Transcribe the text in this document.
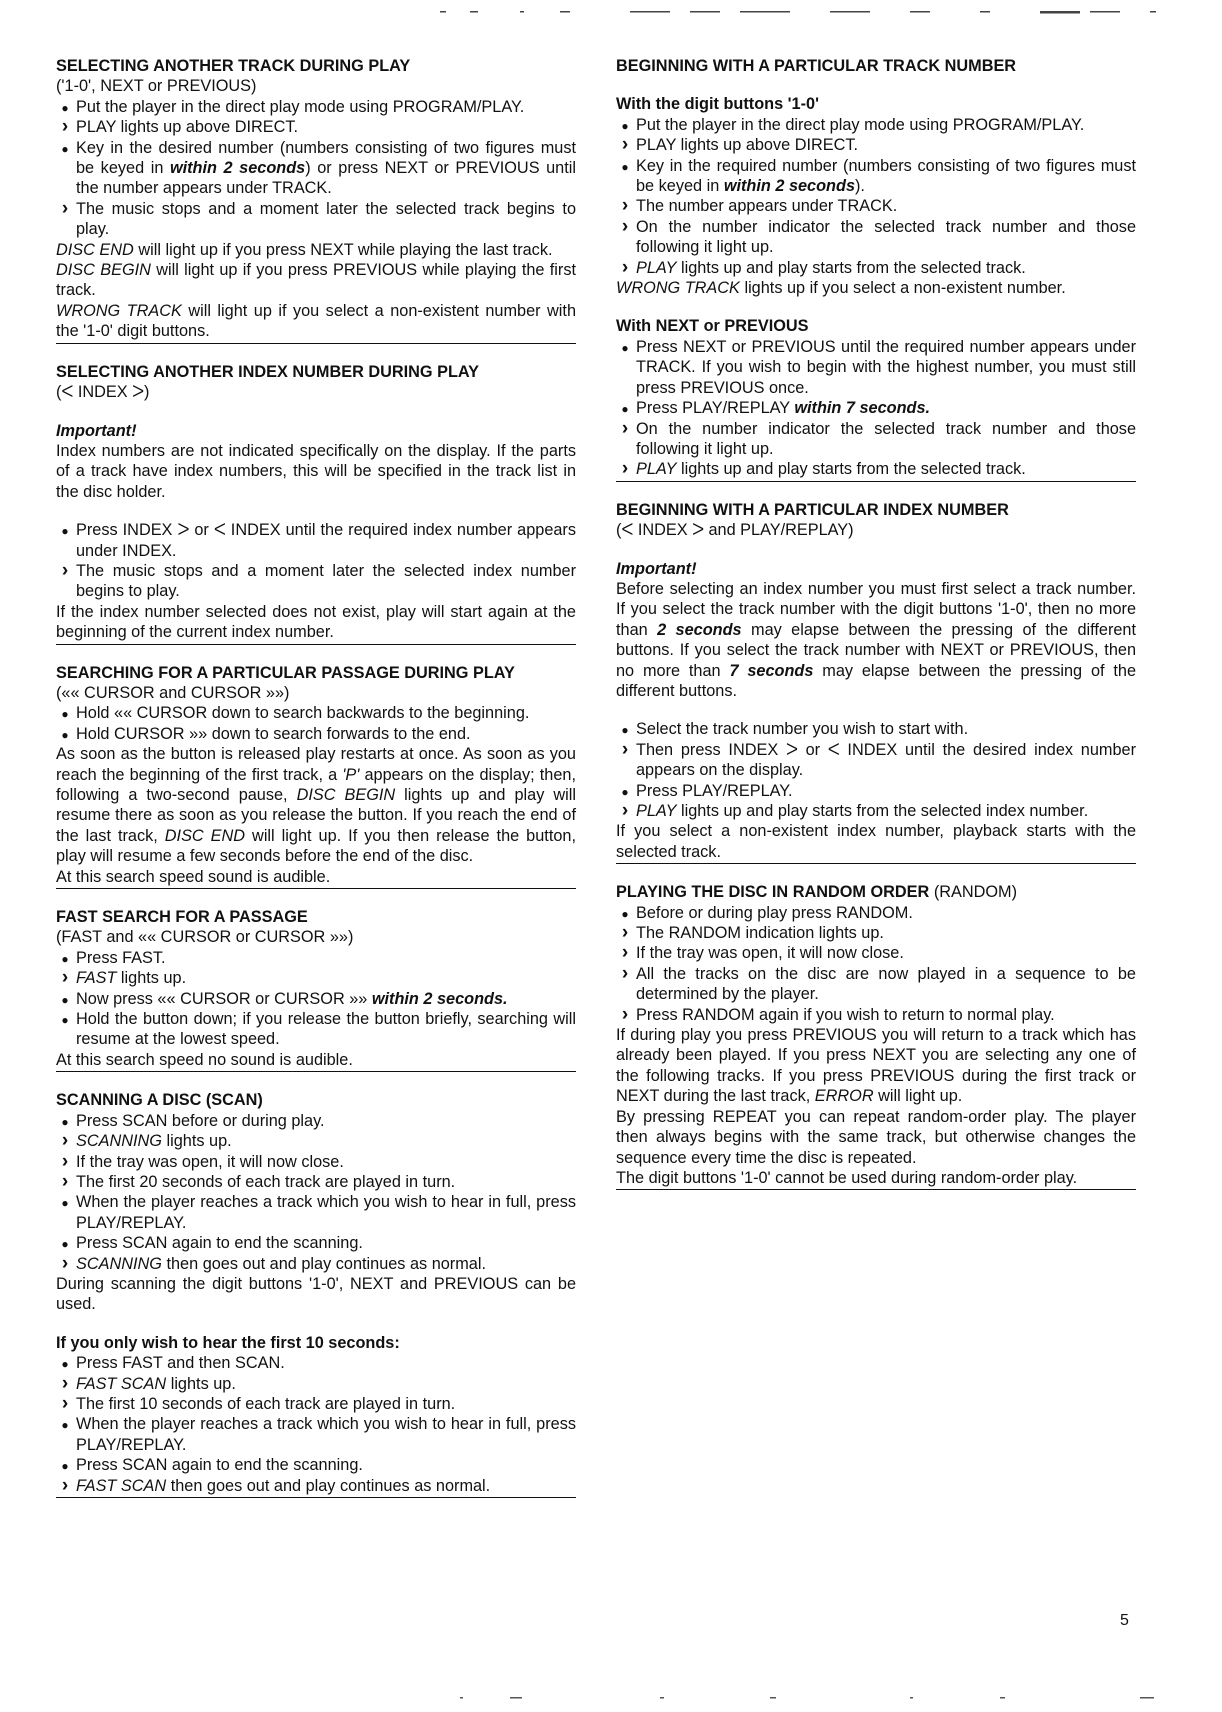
SELECTING ANOTHER TRACK DURING PLAY
('1-0', NEXT or PREVIOUS)
●
Put the player in the direct play mode using PROGRAM/PLAY.
›
PLAY lights up above DIRECT.
●
Key in the desired number (numbers consisting of two figures must be keyed in within 2 seconds) or press NEXT or PREVIOUS until the number appears under TRACK.
›
The music stops and a moment later the selected track begins to play.

DISC END will light up if you press NEXT while playing the last track.

DISC BEGIN will light up if you press PREVIOUS while playing the first track.

WRONG TRACK will light up if you select a non-existent number with the '1-0' digit buttons.

SELECTING ANOTHER INDEX NUMBER DURING PLAY
(ᐸ INDEX ᐳ)
Important!

Index numbers are not indicated specifically on the display. If the parts of a track have index numbers, this will be specified in the track list in the disc holder.

●
Press INDEX ᐳ or ᐸ INDEX until the required index number appears under INDEX.
›
The music stops and a moment later the selected index number begins to play.

If the index number selected does not exist, play will start again at the beginning of the current index number.

SEARCHING FOR A PARTICULAR PASSAGE DURING PLAY
(«« CURSOR and CURSOR »»)
●
Hold «« CURSOR down to search backwards to the beginning.
●
Hold CURSOR »» down to search forwards to the end.

As soon as the button is released play restarts at once. As soon as you reach the beginning of the first track, a 'P' appears on the display; then, following a two-second pause, DISC BEGIN lights up and play will resume there as soon as you release the button. If you reach the end of the last track, DISC END will light up. If you then release the button, play will resume a few seconds before the end of the disc.

At this search speed sound is audible.

FAST SEARCH FOR A PASSAGE
(FAST and «« CURSOR or CURSOR »»)
●
Press FAST.
›
FAST lights up.
●
Now press «« CURSOR or CURSOR »» within 2 seconds.
●
Hold the button down; if you release the button briefly, searching will resume at the lowest speed.

At this search speed no sound is audible.

SCANNING A DISC (SCAN)
●
Press SCAN before or during play.
›
SCANNING lights up.
›
If the tray was open, it will now close.
›
The first 20 seconds of each track are played in turn.
●
When the player reaches a track which you wish to hear in full, press PLAY/REPLAY.
●
Press SCAN again to end the scanning.
›
SCANNING then goes out and play continues as normal.

During scanning the digit buttons '1-0', NEXT and PREVIOUS can be used.

If you only wish to hear the first 10 seconds:
●
Press FAST and then SCAN.
›
FAST SCAN lights up.
›
The first 10 seconds of each track are played in turn.
●
When the player reaches a track which you wish to hear in full, press PLAY/REPLAY.
●
Press SCAN again to end the scanning.
›
FAST SCAN then goes out and play continues as normal.
BEGINNING WITH A PARTICULAR TRACK NUMBER
With the digit buttons '1-0'
●
Put the player in the direct play mode using PROGRAM/PLAY.
›
PLAY lights up above DIRECT.
●
Key in the required number (numbers consisting of two figures must be keyed in within 2 seconds).
›
The number appears under TRACK.
›
On the number indicator the selected track number and those following it light up.
›
PLAY lights up and play starts from the selected track.

WRONG TRACK lights up if you select a non-existent number.

With NEXT or PREVIOUS
●
Press NEXT or PREVIOUS until the required number appears under TRACK. If you wish to begin with the highest number, you must still press PREVIOUS once.
●
Press PLAY/REPLAY within 7 seconds.
›
On the number indicator the selected track number and those following it light up.
›
PLAY lights up and play starts from the selected track.
BEGINNING WITH A PARTICULAR INDEX NUMBER
(ᐸ INDEX ᐳ and PLAY/REPLAY)
Important!

Before selecting an index number you must first select a track number. If you select the track number with the digit buttons '1-0', then no more than 2 seconds may elapse between the pressing of the different buttons. If you select the track number with NEXT or PREVIOUS, then no more than 7 seconds may elapse between the pressing of the different buttons.

●
Select the track number you wish to start with.
›
Then press INDEX ᐳ or ᐸ INDEX until the desired index number appears on the display.
●
Press PLAY/REPLAY.
›
PLAY lights up and play starts from the selected index number.

If you select a non-existent index number, playback starts with the selected track.

PLAYING THE DISC IN RANDOM ORDER (RANDOM)
●
Before or during play press RANDOM.
›
The RANDOM indication lights up.
›
If the tray was open, it will now close.
›
All the tracks on the disc are now played in a sequence to be determined by the player.
›
Press RANDOM again if you wish to return to normal play.

If during play you press PREVIOUS you will return to a track which has already been played. If you press NEXT you are selecting any one of the following tracks. If you press PREVIOUS during the first track or NEXT during the last track, ERROR will light up.

By pressing REPEAT you can repeat random-order play. The player then always begins with the same track, but otherwise changes the sequence every time the disc is repeated.

The digit buttons '1-0' cannot be used during random-order play.

5
